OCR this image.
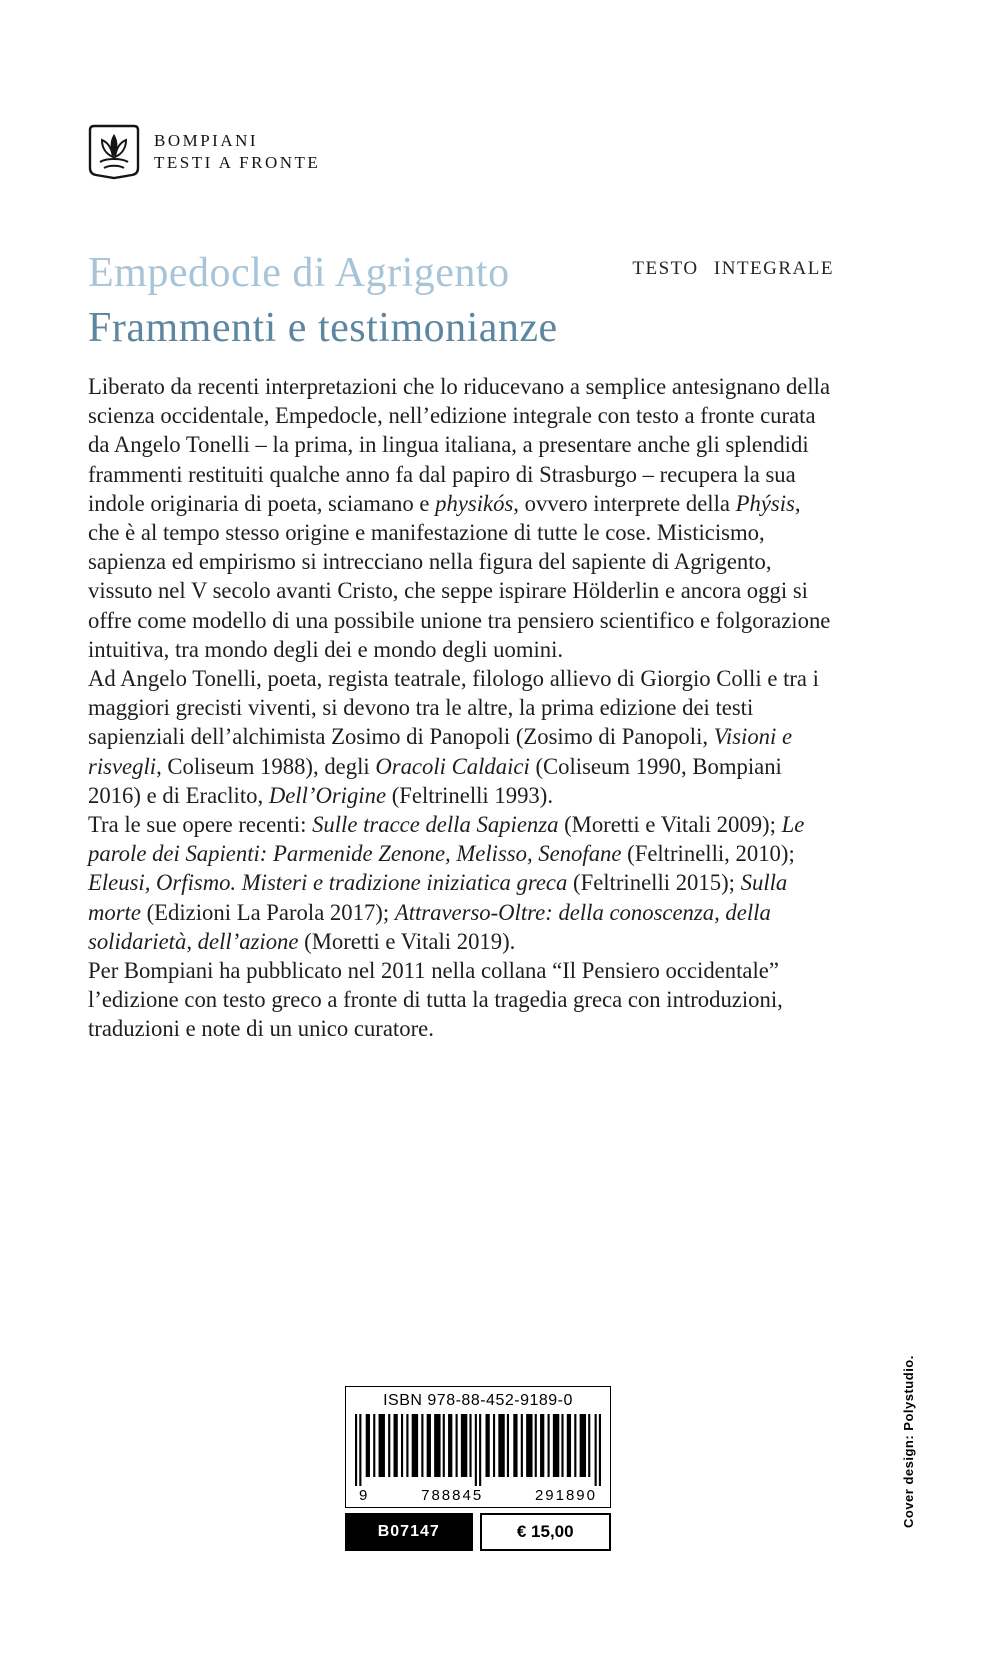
BOMPIANI
TESTI A FRONTE
TESTO INTEGRALE
Empedocle di Agrigento
Frammenti e testimonianze

Liberato da recenti interpretazioni che lo riducevano a semplice antesignano della scienza occidentale, Empedocle, nell’edizione integrale con testo a fronte curata da Angelo Tonelli – la prima, in lingua italiana, a presentare anche gli splendidi frammenti restituiti qualche anno fa dal papiro di Strasburgo – recupera la sua indole originaria di poeta, sciamano e physikós, ovvero interprete della Phýsis, che è al tempo stesso origine e manifestazione di tutte le cose. Misticismo, sapienza ed empirismo si intrecciano nella figura del sapiente di Agrigento, vissuto nel V secolo avanti Cristo, che seppe ispirare Hölderlin e ancora oggi si offre come modello di una possibile unione tra pensiero scientifico e folgorazione intuitiva, tra mondo degli dei e mondo degli uomini.

Ad Angelo Tonelli, poeta, regista teatrale, filologo allievo di Giorgio Colli e tra i maggiori grecisti viventi, si devono tra le altre, la prima edizione dei testi sapienziali dell’alchimista Zosimo di Panopoli (Zosimo di Panopoli, Visioni e risvegli, Coliseum 1988), degli Oracoli Caldaici (Coliseum 1990, Bompiani 2016) e di Eraclito, Dell’Origine (Feltrinelli 1993).

Tra le sue opere recenti: Sulle tracce della Sapienza (Moretti e Vitali 2009); Le parole dei Sapienti: Parmenide Zenone, Melisso, Senofane (Feltrinelli, 2010); Eleusi, Orfismo. Misteri e tradizione iniziatica greca (Feltrinelli 2015); Sulla morte (Edizioni La Parola 2017); Attraverso-Oltre: della conoscenza, della solidarietà, dell’azione (Moretti e Vitali 2019).

Per Bompiani ha pubblicato nel 2011 nella collana “Il Pensiero occidentale” l’edizione con testo greco a fronte di tutta la tragedia greca con introduzioni, traduzioni e note di un unico curatore.

ISBN 978-88-452-9189-0
9	788845	291890
B07147	€ 15,00
Cover design: Polystudio.
